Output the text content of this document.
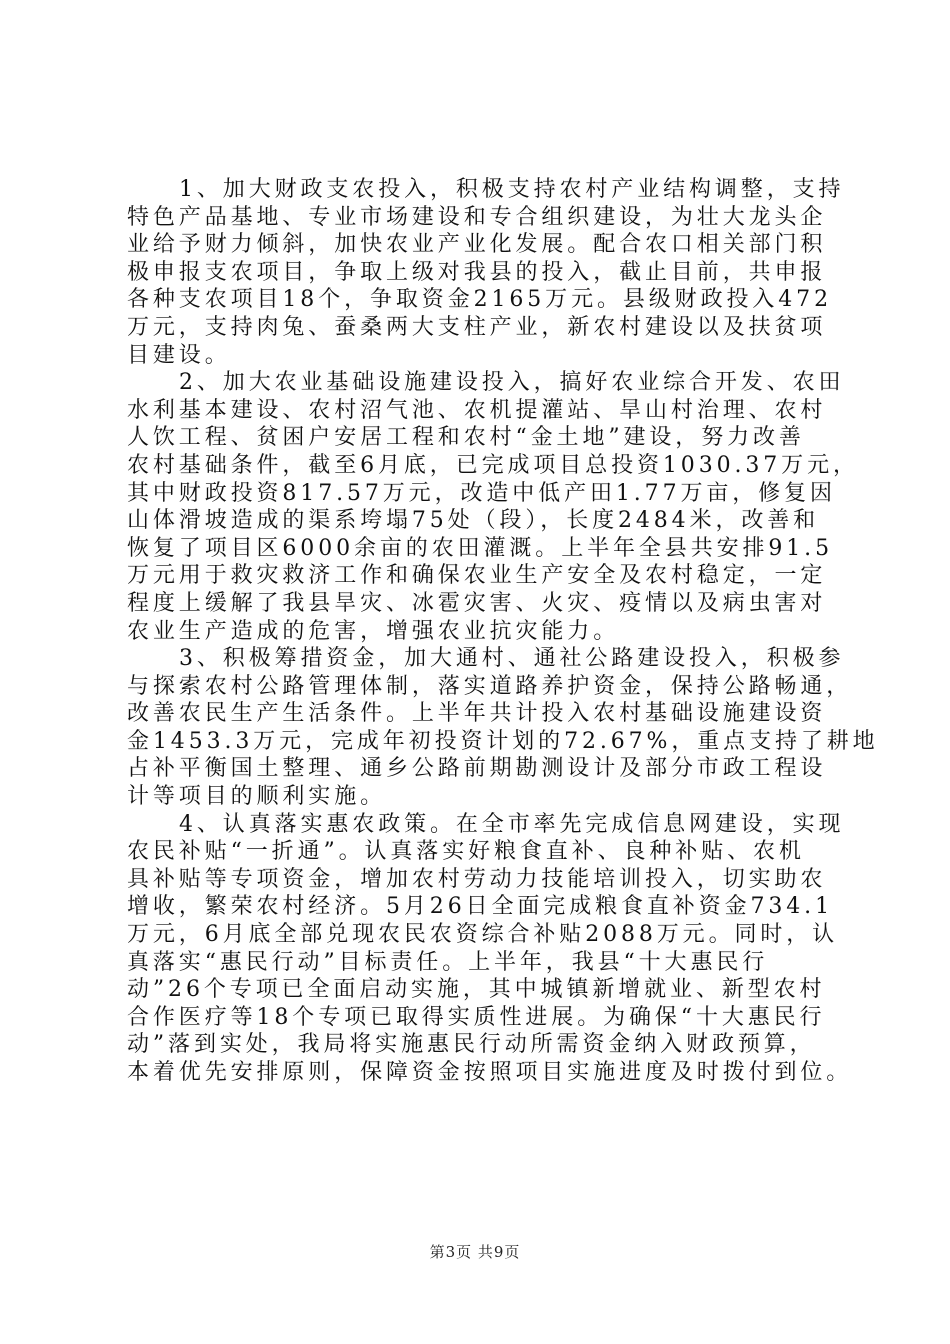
1、加大财政支农投入，积极支持农村产业结构调整，支持
特色产品基地、专业市场建设和专合组织建设，为壮大龙头企
业给予财力倾斜，加快农业产业化发展。配合农口相关部门积
极申报支农项目，争取上级对我县的投入，截止目前，共申报
各种支农项目18个，争取资金2165万元。县级财政投入472
万元，支持肉兔、蚕桑两大支柱产业，新农村建设以及扶贫项
目建设。
2、加大农业基础设施建设投入，搞好农业综合开发、农田
水利基本建设、农村沼气池、农机提灌站、旱山村治理、农村
人饮工程、贫困户安居工程和农村“金土地”建设，努力改善
农村基础条件，截至6月底，已完成项目总投资1030.37万元，
其中财政投资817.57万元，改造中低产田1.77万亩，修复因
山体滑坡造成的渠系垮塌75处（段），长度2484米，改善和
恢复了项目区6000余亩的农田灌溉。上半年全县共安排91.5
万元用于救灾救济工作和确保农业生产安全及农村稳定，一定
程度上缓解了我县旱灾、冰雹灾害、火灾、疫情以及病虫害对
农业生产造成的危害，增强农业抗灾能力。
3、积极筹措资金，加大通村、通社公路建设投入，积极参
与探索农村公路管理体制，落实道路养护资金，保持公路畅通，
改善农民生产生活条件。上半年共计投入农村基础设施建设资
金1453.3万元，完成年初投资计划的72.67%，重点支持了耕地
占补平衡国土整理、通乡公路前期勘测设计及部分市政工程设
计等项目的顺利实施。
4、认真落实惠农政策。在全市率先完成信息网建设，实现
农民补贴“一折通”。认真落实好粮食直补、良种补贴、农机
具补贴等专项资金，增加农村劳动力技能培训投入，切实助农
增收，繁荣农村经济。5月26日全面完成粮食直补资金734.1
万元，6月底全部兑现农民农资综合补贴2088万元。同时，认
真落实“惠民行动”目标责任。上半年，我县“十大惠民行
动”26个专项已全面启动实施，其中城镇新增就业、新型农村
合作医疗等18个专项已取得实质性进展。为确保“十大惠民行
动”落到实处，我局将实施惠民行动所需资金纳入财政预算，
本着优先安排原则，保障资金按照项目实施进度及时拨付到位。
第3页 共9页
